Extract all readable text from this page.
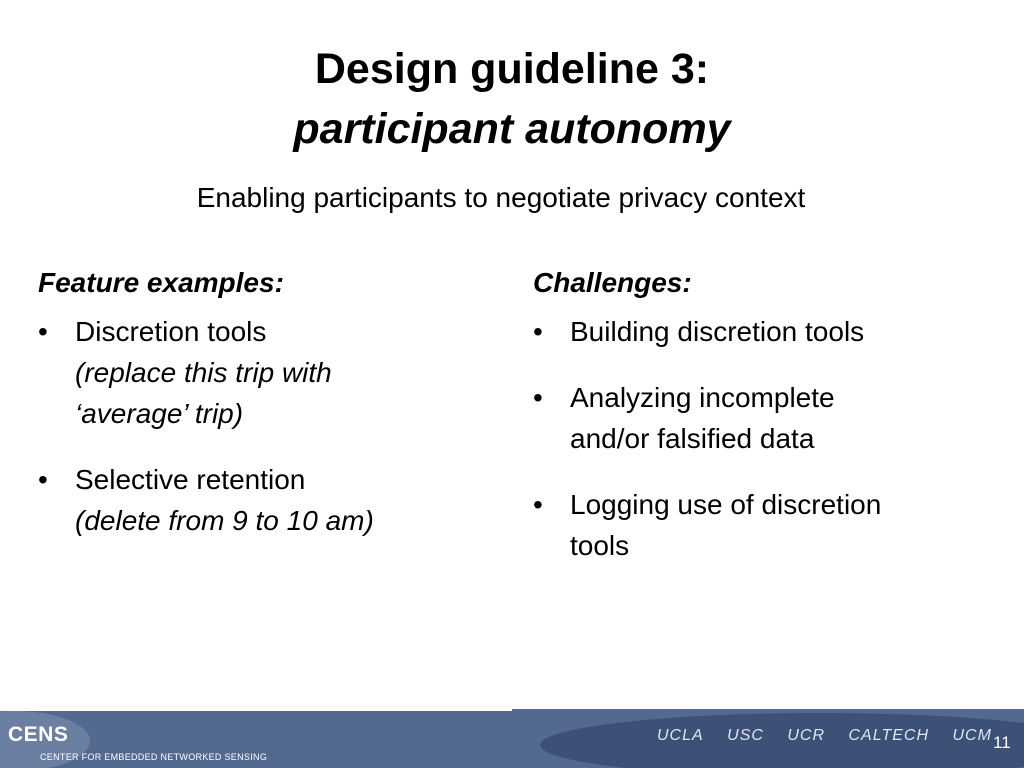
Design guideline 3:
participant autonomy
Enabling participants to negotiate privacy context
Feature examples:
• Discretion tools
(replace this trip with
‘average’ trip)
• Selective retention
(delete from 9 to 10 am)
Challenges:
• Building discretion tools
• Analyzing incomplete
and/or falsified data
• Logging use of discretion
tools
CENS
CENTER FOR EMBEDDED NETWORKED SENSING
UCLA USC UCR CALTECH UCM 11
